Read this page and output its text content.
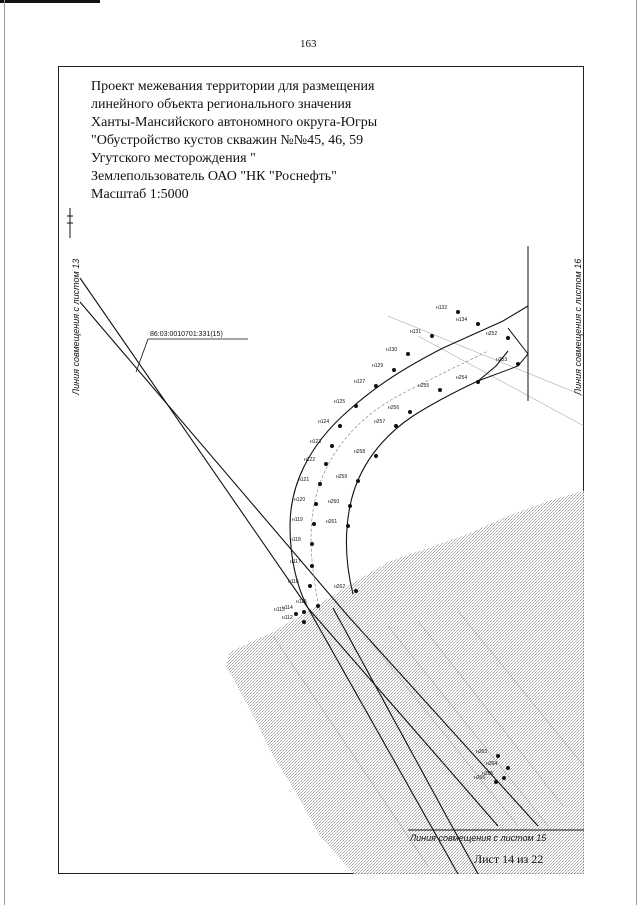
163
Проект межевания территории для размещения
линейного объекта регионального значения
Ханты-Мансийского автономного округа-Югры
"Обустройство кустов скважин №№45, 46, 59
Угутского месторождения "
Землепользователь ОАО "НК "Роснефть"
Масштаб 1:5000
86:03:0010701:331(15)
н132
н134
н131
н130
н129
н127
н125
н124
н123
н122
н121
н120
н119
н118
н117
н116
н115
н114
н113
н112
н252
н253
н254
н255
н256
н257
н258
н259
н260
н261
н262
н263
н264
н265
н266
Линия совмещения с листом 13	Линия совмещения с листом 16
Линия совмещения с листом 15
Лист 14 из 22
